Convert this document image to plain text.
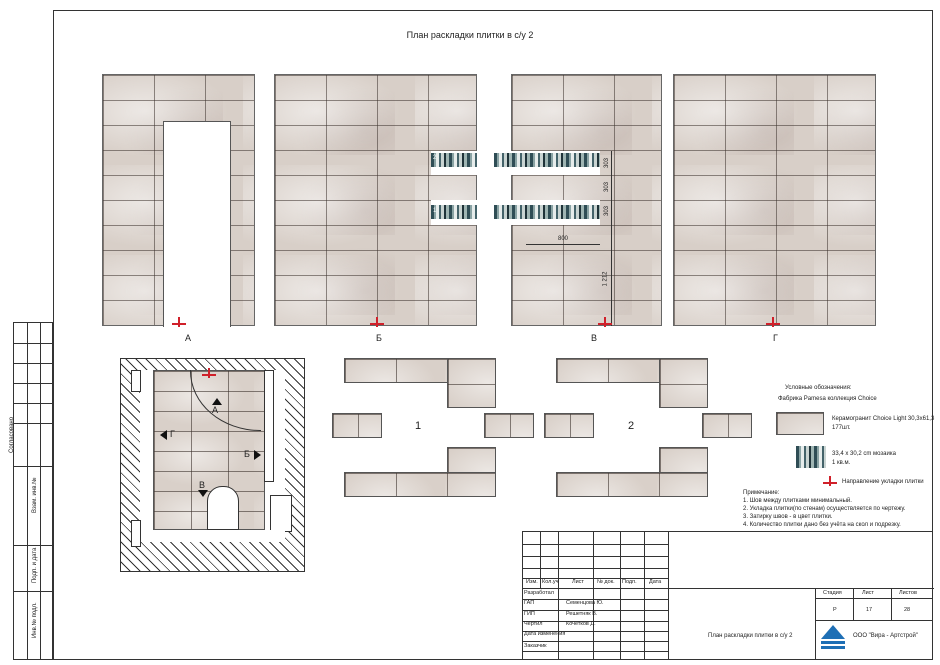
Согласовано
Взам. инв.№
Подп. и дата
Инв.№ подл.
План раскладки плитки в с/у 2
А
2
1
Б
303
303
303
1 212
800
В	Г
А
Г
Б
В
1	2
Условные обозначения:
Фабрика Pamesa коллекция Choice
Керамогранит Choice Light 30,3х61,3
177шт.
33,4 х 30,2 cm мозаика
1 кв.м.
Направление укладки плитки
Примечание:
1. Шов между плитками минимальный.
2. Укладка плитки(по стенам) осуществляется по чертежу.
3. Затирку швов - в цвет плитки.
4. Количество плитки дано без учёта на скол и подрезку.
Изм. Кол.уч Лист № док. Подп. Дата
Разработал
ГАП	Семенцова Ю.
ГИП	Решетняк В.
Чертил	Кочетков Д.
Дата изменения
Заказчик
Стадия	Лист	Листов
Р	17	28
План раскладки плитки в с/у 2	ООО "Вира - Артстрой"
